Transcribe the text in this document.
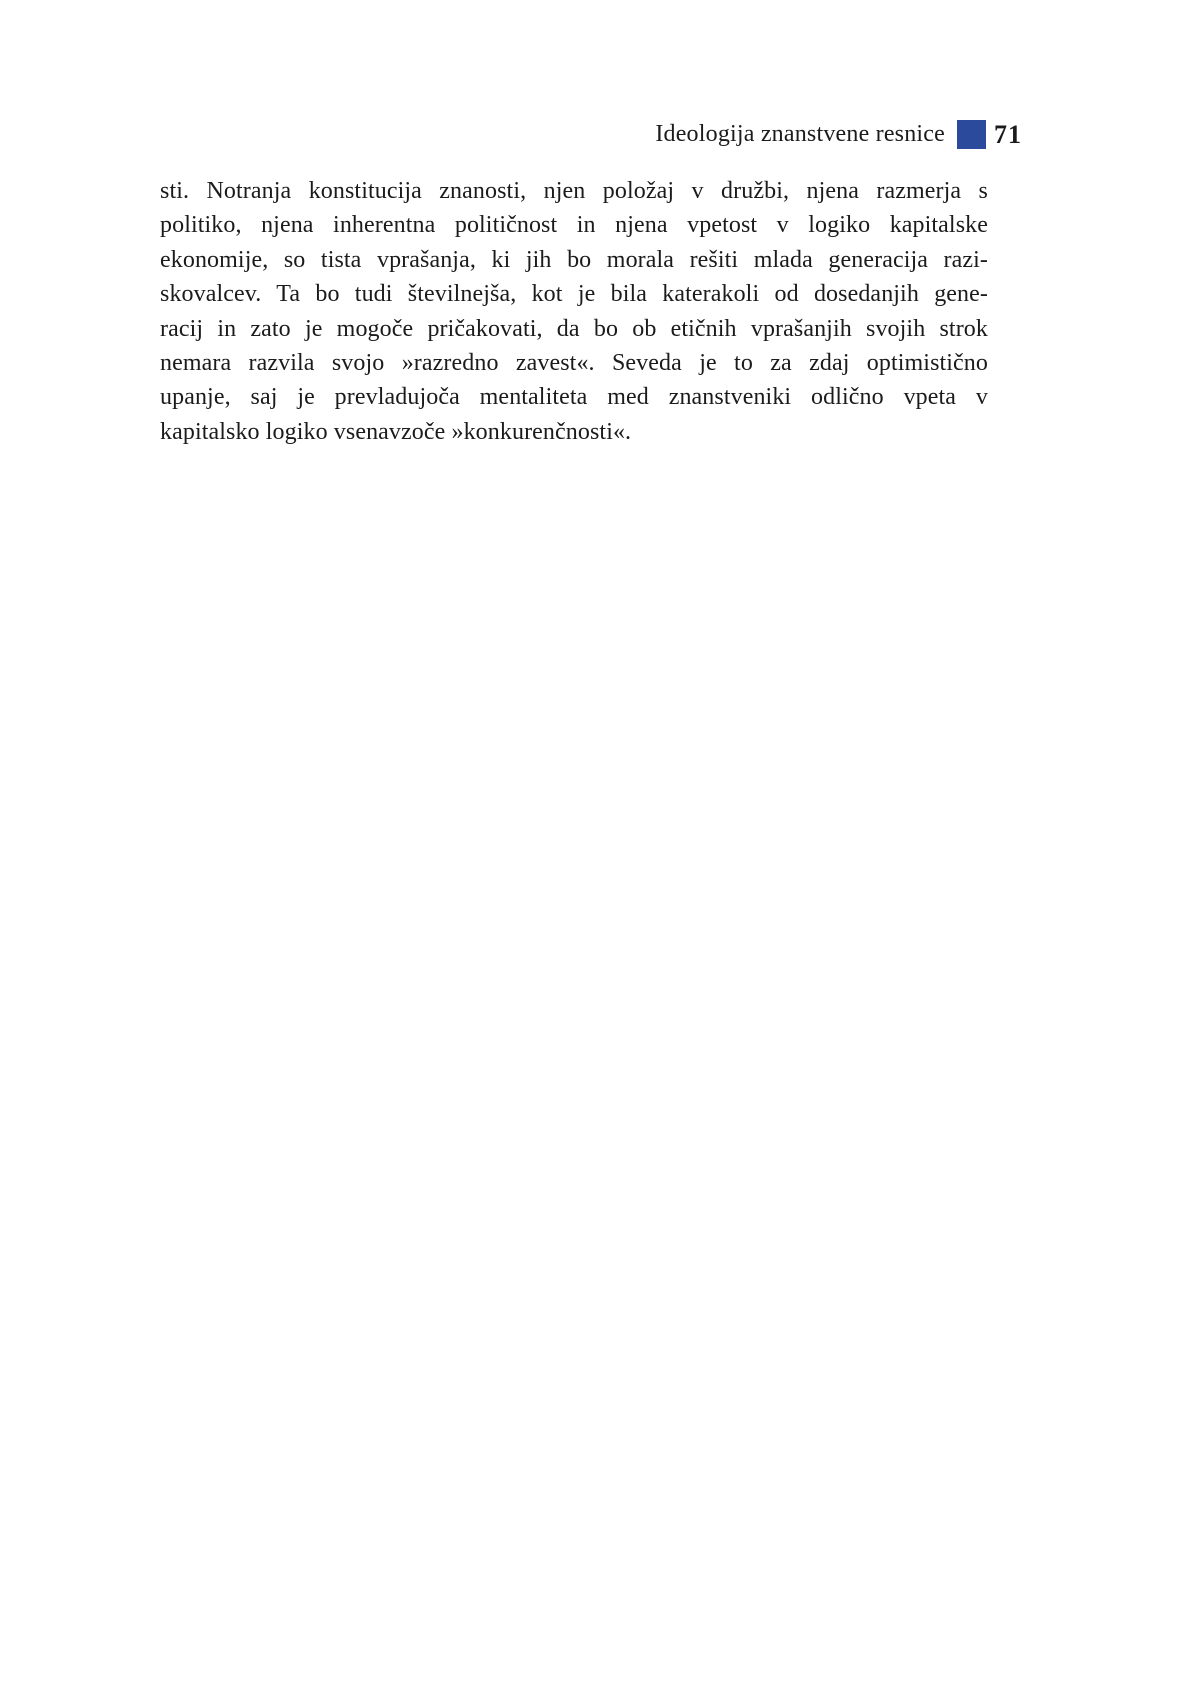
Ideologija znanstvene resnice 71
sti. Notranja konstitucija znanosti, njen položaj v družbi, njena razmerja s
politiko, njena inherentna političnost in njena vpetost v logiko kapitalske
ekonomije, so tista vprašanja, ki jih bo morala rešiti mlada generacija razi-
skovalcev. Ta bo tudi številnejša, kot je bila katerakoli od dosedanjih gene-
racij in zato je mogoče pričakovati, da bo ob etičnih vprašanjih svojih strok
nemara razvila svojo »razredno zavest«. Seveda je to za zdaj optimistično
upanje, saj je prevladujoča mentaliteta med znanstveniki odlično vpeta v
kapitalsko logiko vsenavzoče »konkurenčnosti«.
